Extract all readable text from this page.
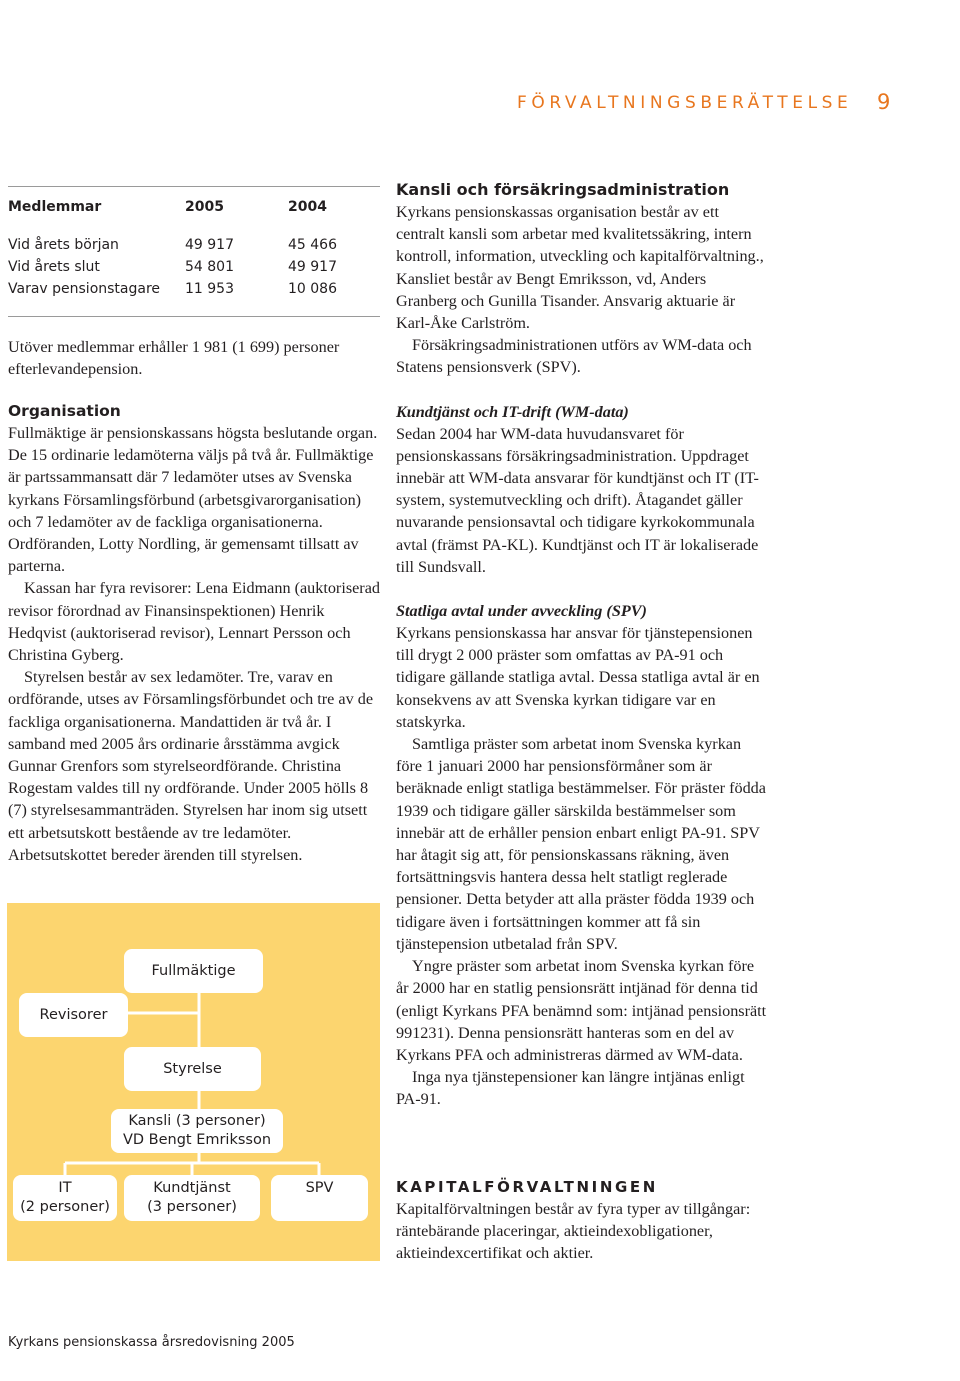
FÖRVALTNINGSBERÄTTELSE 9
Medlemmar	2005	2004
Vid årets början	49 917	45 466
Vid årets slut	54 801	49 917
Varav pensionstagare 11 953	10 086

Utöver medlemmar erhåller 1 981 (1 699) personer efterlevandepension.

Organisation

Fullmäktige är pensionskassans högsta beslutande organ. De 15 ordinarie ledamöterna väljs på två år. Fullmäktige är partssammansatt där 7 ledamöter utses av Svenska kyrkans Församlingsförbund (arbetsgivarorganisation) och 7 ledamöter av de fackliga organisationerna. Ordföranden, Lotty Nordling, är gemensamt tillsatt av parterna.

Kassan har fyra revisorer: Lena Eidmann (auktoriserad revisor förordnad av Finansinspektionen) Henrik Hedqvist (auktoriserad revisor), Lennart Persson och Christina Gyberg.

Styrelsen består av sex ledamöter. Tre, varav en ordförande, utses av Församlingsförbundet och tre av de fackliga organisationerna. Mandattiden är två år. I samband med 2005 års ordinarie årsstämma avgick Gunnar Grenfors som styrelseordförande. Christina Rogestam valdes till ny ordförande. Under 2005 hölls 8 (7) styrelsesammanträden. Styrelsen har inom sig utsett ett arbetsutskott bestående av tre ledamöter. Arbetsutskottet bereder ärenden till styrelsen.

Fullmäktige
Revisorer
Styrelse
Kansli (3 personer)
VD Bengt Emriksson
IT
(2 personer)
Kundtjänst
(3 personer)
SPV
Kansli och försäkringsadministration

Kyrkans pensionskassas organisation består av ett centralt kansli som arbetar med kvalitetssäkring, intern kontroll, information, utveckling och kapitalförvaltning., Kansliet består av Bengt Emriksson, vd, Anders Granberg och Gunilla Tisander. Ansvarig aktuarie är Karl-Åke Carlström.

Försäkringsadministrationen utförs av WM-data och Statens pensionsverk (SPV).

Kundtjänst och IT-drift (WM-data)

Sedan 2004 har WM-data huvudansvaret för pensionskassans försäkringsadministration. Uppdraget innebär att WM-data ansvarar för kundtjänst och IT (IT-system, systemutveckling och drift). Åtagandet gäller nuvarande pensionsavtal och tidigare kyrkokommunala avtal (främst PA-KL). Kundtjänst och IT är lokaliserade till Sundsvall.

Statliga avtal under avveckling (SPV)

Kyrkans pensionskassa har ansvar för tjänstepensionen till drygt 2 000 präster som omfattas av PA-91 och tidigare gällande statliga avtal. Dessa statliga avtal är en konsekvens av att Svenska kyrkan tidigare var en statskyrka.

Samtliga präster som arbetat inom Svenska kyrkan före 1 januari 2000 har pensionsförmåner som är beräknade enligt statliga bestämmelser. För präster födda 1939 och tidigare gäller särskilda bestämmelser som innebär att de erhåller pension enbart enligt PA-91. SPV har åtagit sig att, för pensionskassans räkning, även fortsättningsvis hantera dessa helt statligt reglerade pensioner. Detta betyder att alla präster födda 1939 och tidigare även i fortsättningen kommer att få sin tjänstepension utbetalad från SPV.

Yngre präster som arbetat inom Svenska kyrkan före år 2000 har en statlig pensionsrätt intjänad för denna tid (enligt Kyrkans PFA benämnd som: intjänad pensionsrätt 991231). Denna pensionsrätt hanteras som en del av Kyrkans PFA och administreras därmed av WM-data.

Inga nya tjänstepensioner kan längre intjänas enligt PA-91.

KAPITALFÖRVALTNINGEN

Kapitalförvaltningen består av fyra typer av tillgångar: räntebärande placeringar, aktieindexobligationer, aktieindexcertifikat och aktier.

Kyrkans pensionskassa årsredovisning 2005
